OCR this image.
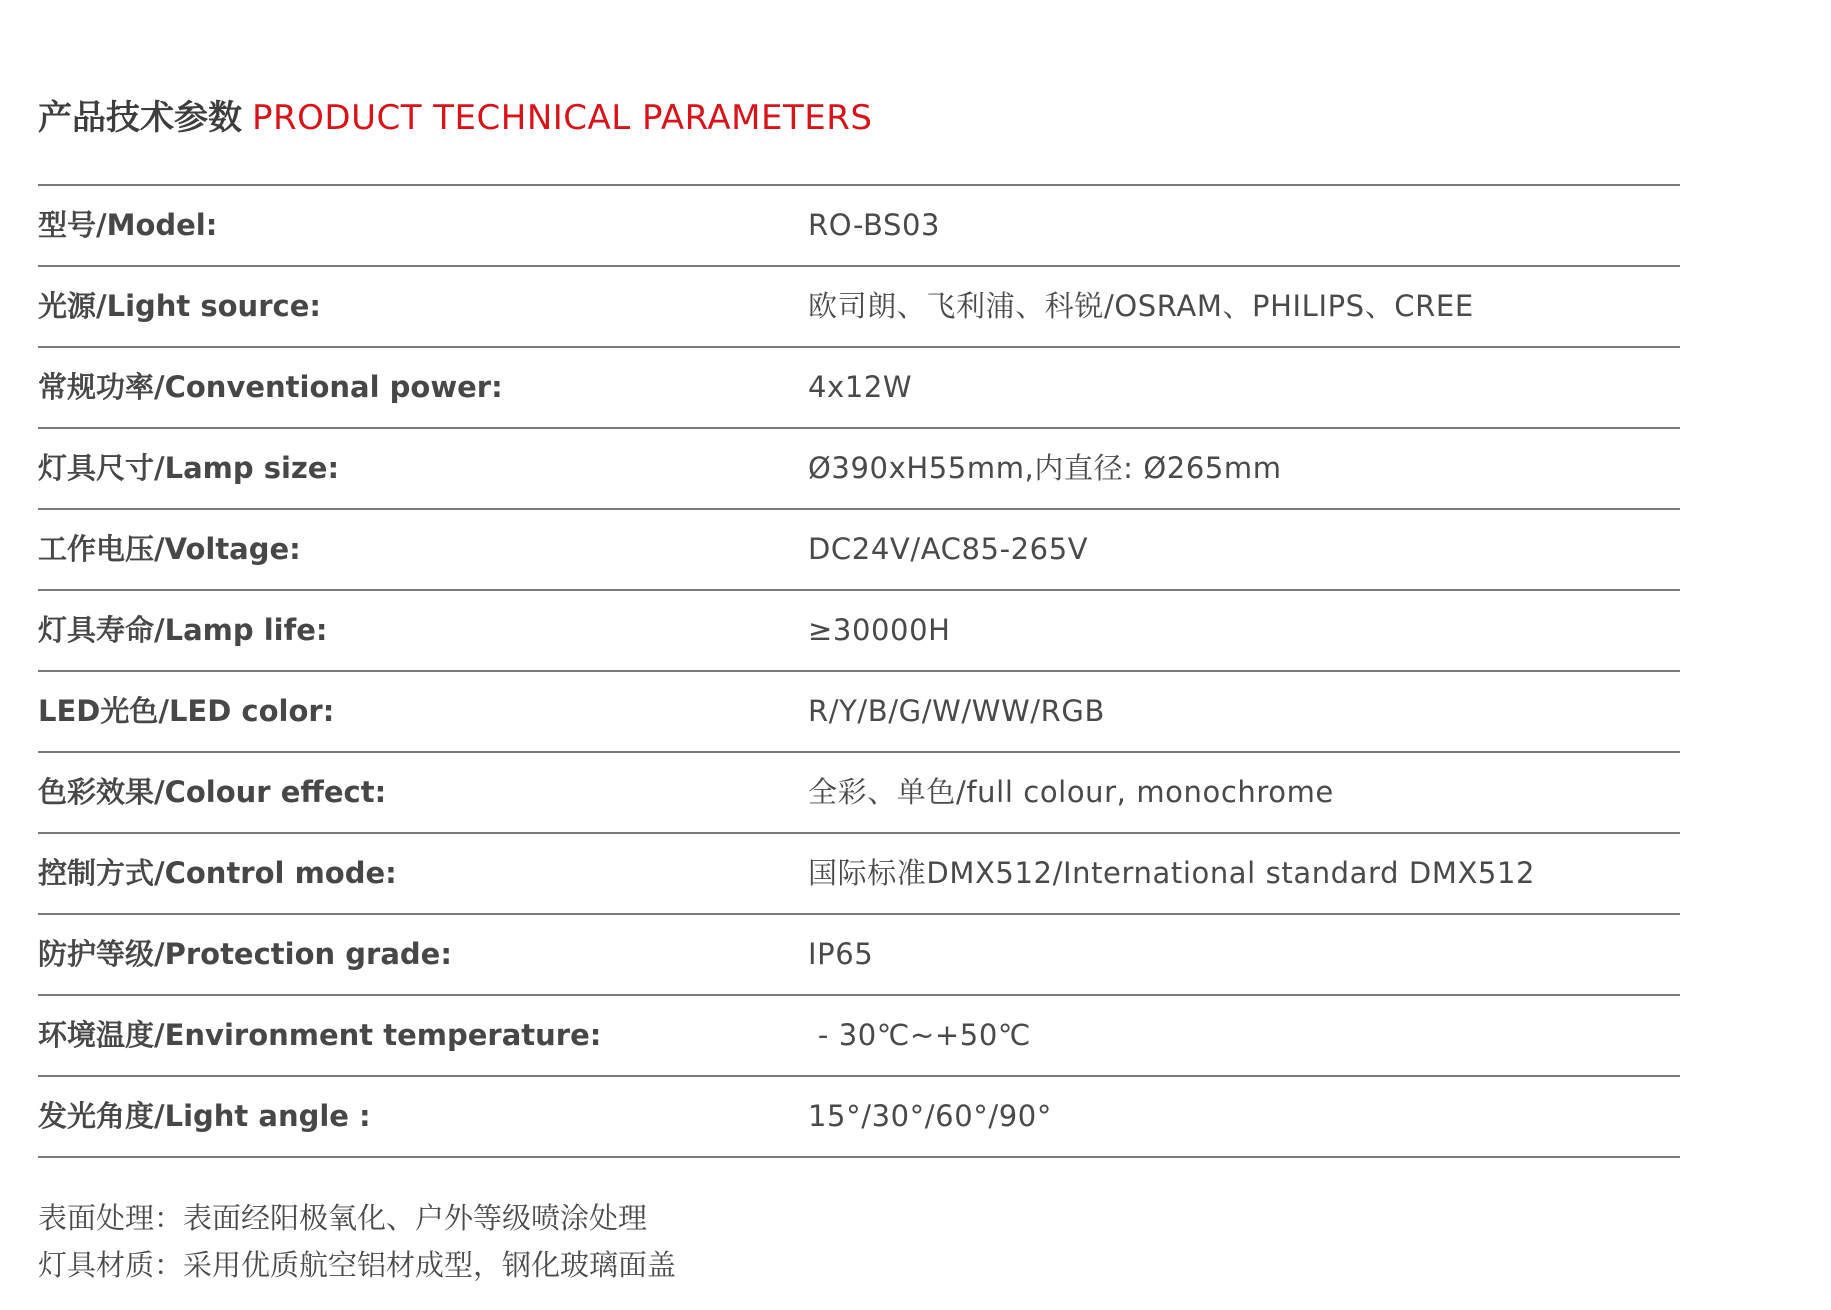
产品技术参数 PRODUCT TECHNICAL PARAMETERS
型号/Model:	RO-BS03
光源/Light source:	欧司朗、飞利浦、科锐/OSRAM、PHILIPS、CREE
常规功率/Conventional power:	4x12W
灯具尺寸/Lamp size:	Ø390xH55mm,内直径: Ø265mm
工作电压/Voltage:	DC24V/AC85-265V
灯具寿命/Lamp life:	≥30000H
LED光色/LED color:	R/Y/B/G/W/WW/RGB
色彩效果/Colour effect:	全彩、单色/full colour, monochrome
控制方式/Control mode:	国际标准DMX512/International standard DMX512
防护等级/Protection grade:	IP65
环境温度/Environment temperature:	- 30℃~+50℃
发光角度/Light angle :	15°/30°/60°/90°
表面处理：表面经阳极氧化、户外等级喷涂处理
灯具材质：采用优质航空铝材成型，钢化玻璃面盖
